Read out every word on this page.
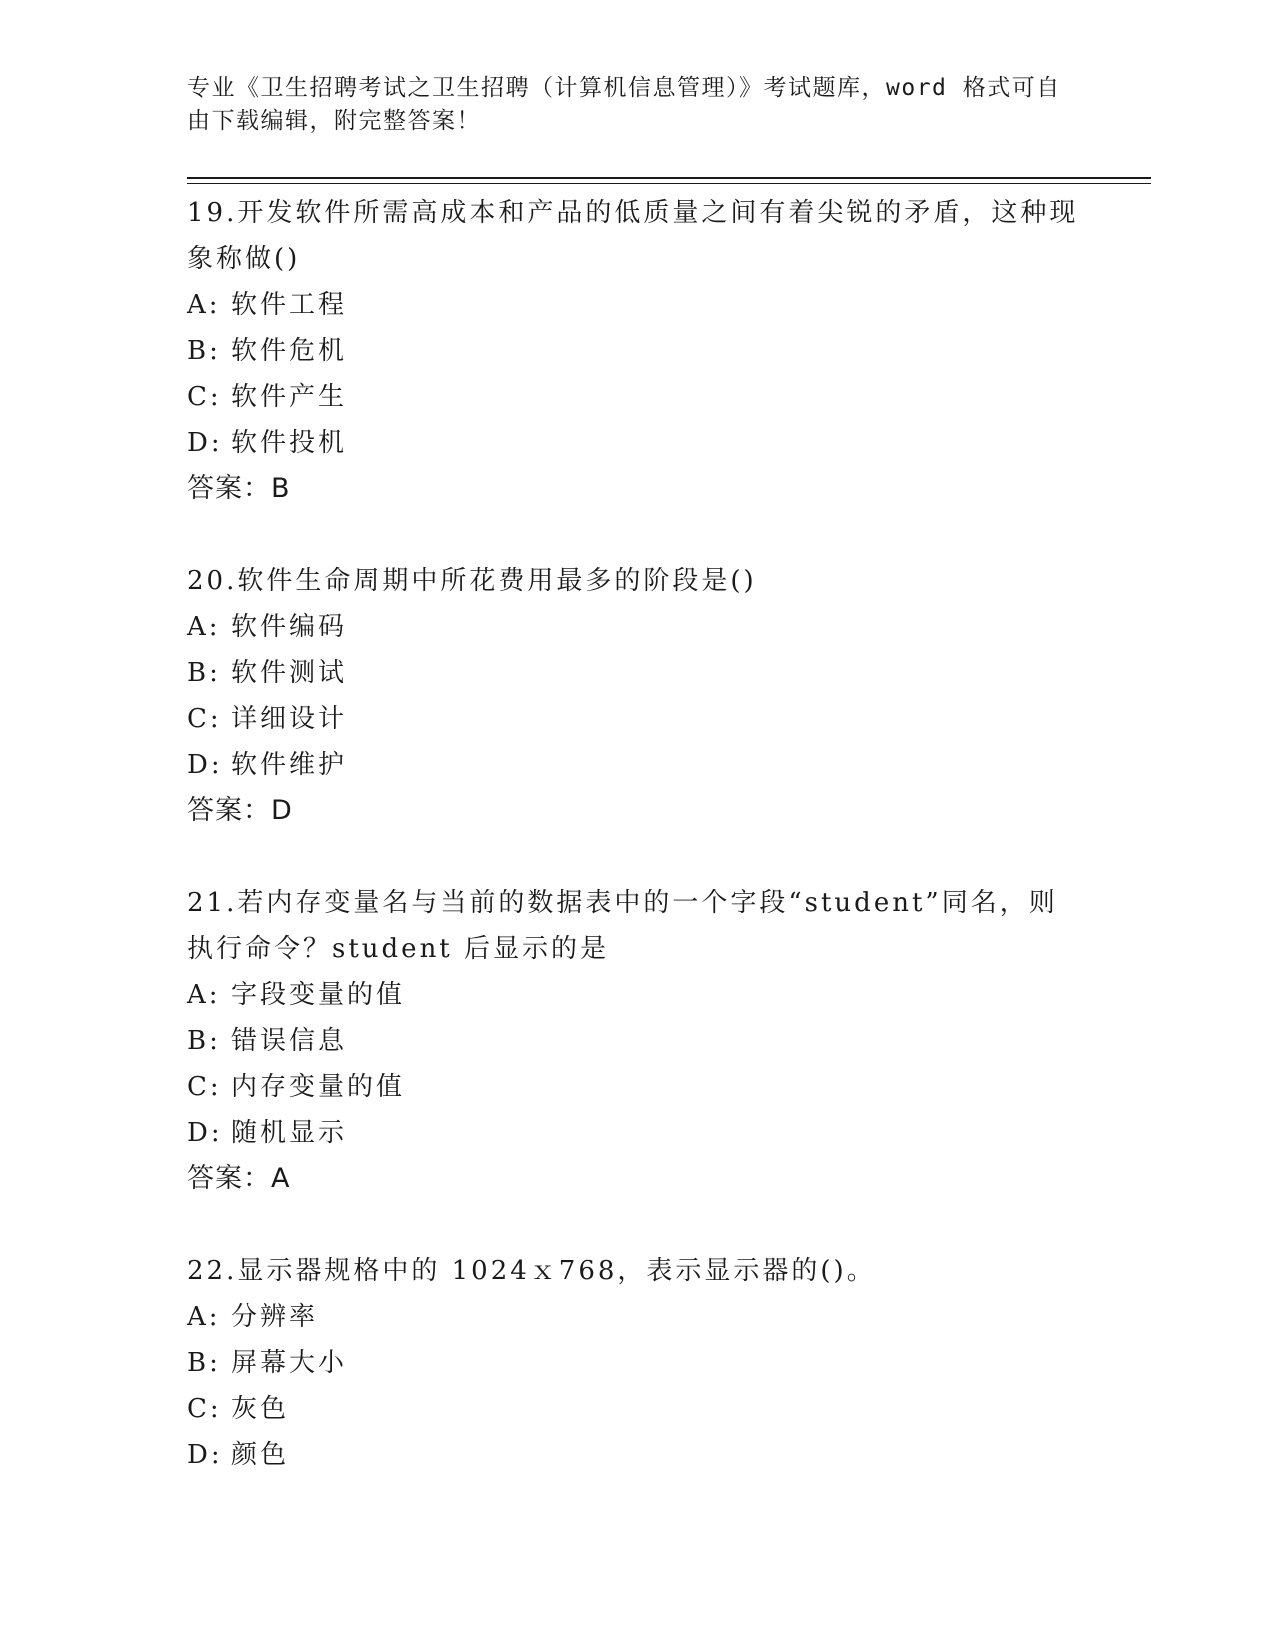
专业《卫生招聘考试之卫生招聘（计算机信息管理）》考试题库，word 格式可自
由下载编辑，附完整答案！
19.开发软件所需高成本和产品的低质量之间有着尖锐的矛盾，这种现
象称做()
A: 软件工程
B: 软件危机
C: 软件产生
D: 软件投机
答案：B
20.软件生命周期中所花费用最多的阶段是()
A: 软件编码
B: 软件测试
C: 详细设计
D: 软件维护
答案：D
21.若内存变量名与当前的数据表中的一个字段“student”同名，则
执行命令？student 后显示的是
A: 字段变量的值
B: 错误信息
C: 内存变量的值
D: 随机显示
答案：A
22.显示器规格中的 1024ｘ768，表示显示器的()。
A: 分辨率
B: 屏幕大小
C: 灰色
D: 颜色
